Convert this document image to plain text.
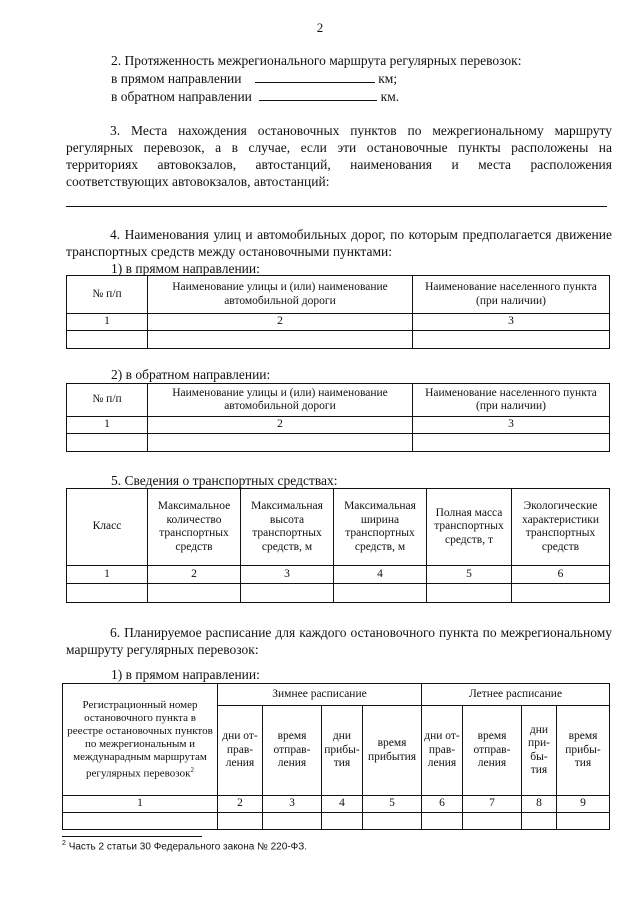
2

2. Протяженность межрегионального маршрута регулярных перевозок:

в прямом направлении	км;

в обратном направлении	км.

3. Места нахождения остановочных пунктов по межрегиональному маршруту регулярных перевозок, а в случае, если эти остановочные пункты расположены на территориях автовокзалов, автостанций, наименования и места расположения соответствующих автовокзалов, автостанций:

4. Наименования улиц и автомобильных дорог, по которым предполагается движение транспортных средств между остановочными пунктами:

1) в прямом направлении:

№ п/п	Наименование улицы и (или) наименование автомобильной дороги	Наименование населенного пункта (при наличии)
1	2	3

2) в обратном направлении:

№ п/п	Наименование улицы и (или) наименование автомобильной дороги	Наименование населенного пункта (при наличии)
1	2	3

5. Сведения о транспортных средствах:

Класс	Максимальное количество транспортных средств	Максимальная высота транспортных средств, м	Максимальная ширина транспортных средств, м	Полная масса транспортных средств, т	Экологические характеристики транспортных средств
1	2	3	4	5	6

6. Планируемое расписание для каждого остановочного пункта по межрегиональному маршруту регулярных перевозок:

1) в прямом направлении:

Регистрационный номер остановочного пункта в реестре остановочных пунктов по межрегиональным и междунарадным маршрутам регулярных перевозок$^2$	Зимнее расписание				Летнее расписание			
	дни отправления	время отправления	дни прибытия	время прибытия	дни отправления	время отправления	дни прибытия	время прибытия
1	2	3	4	5	6	7	8	9

$^2$ Часть 2 статьи 30 Федерального закона № 220-ФЗ.
